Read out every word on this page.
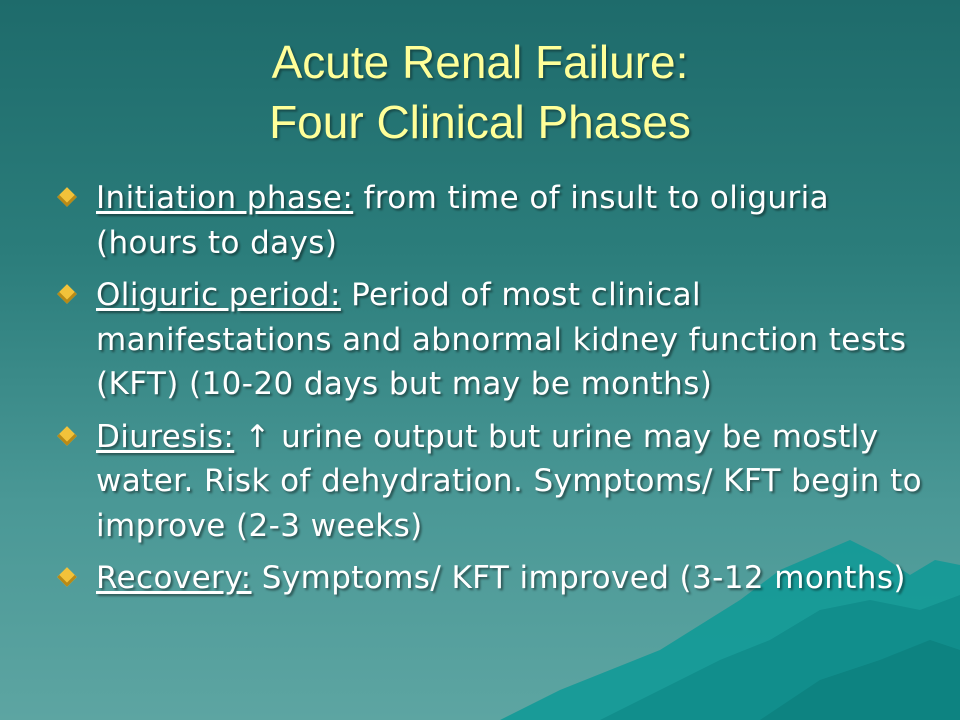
Acute Renal Failure:
Four Clinical Phases
Initiation phase: from time of insult to oliguria (hours to days)
Oliguric period: Period of most clinical manifestations and abnormal kidney function tests (KFT) (10-20 days but may be months)
Diuresis: ↑ urine output but urine may be mostly water. Risk of dehydration. Symptoms/ KFT begin to improve (2-3 weeks)
Recovery: Symptoms/ KFT improved (3-12 months)
